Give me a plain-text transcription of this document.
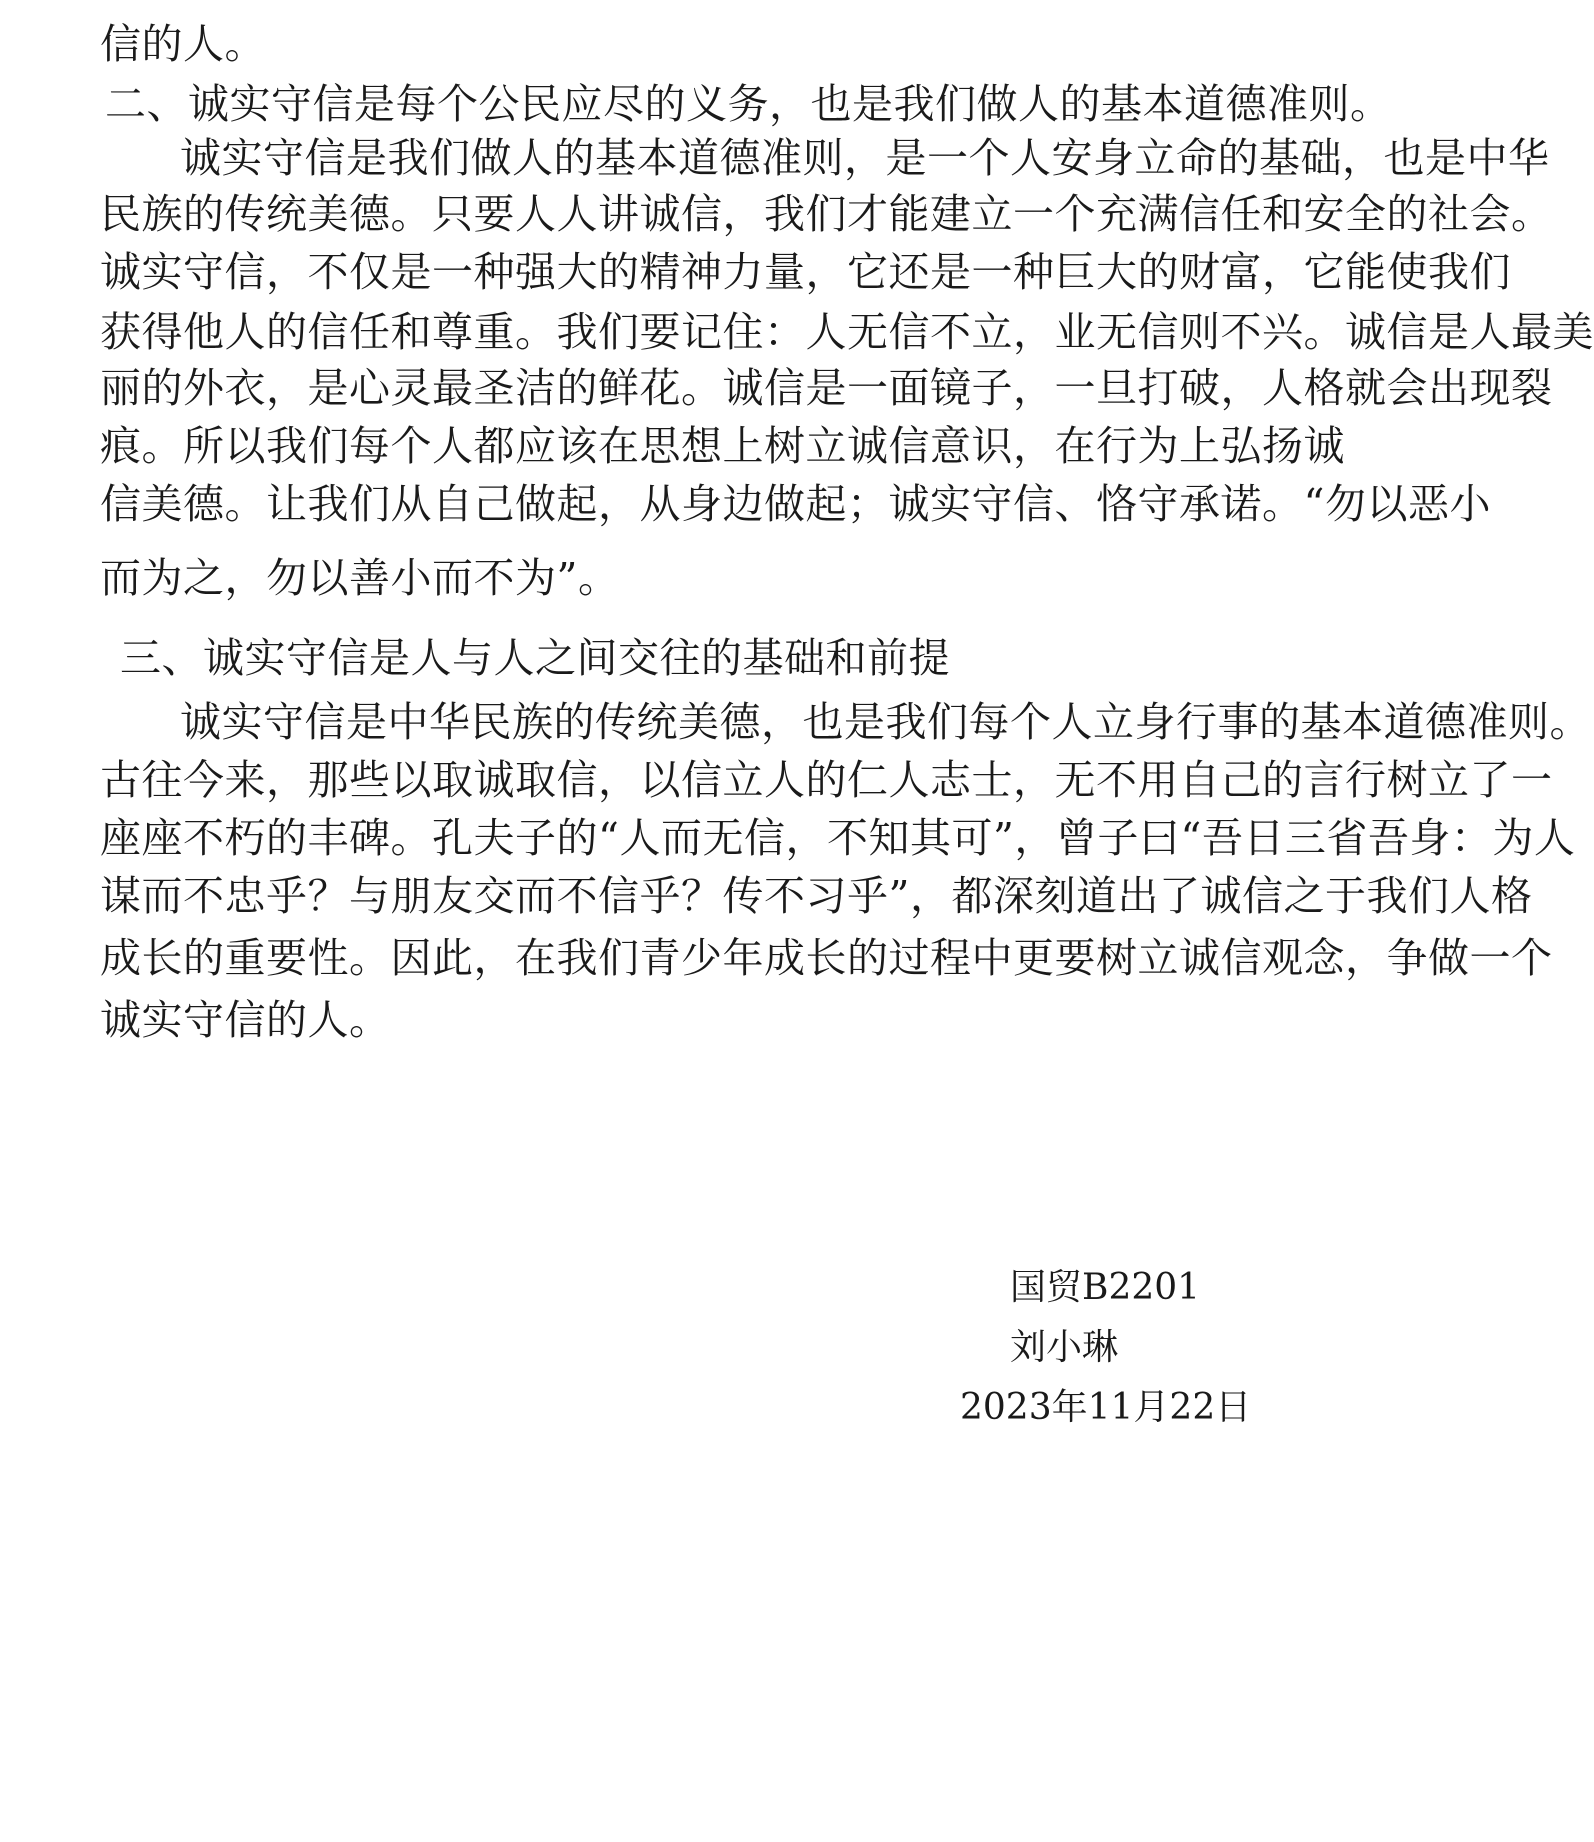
信的人。
二、诚实守信是每个公民应尽的义务，也是我们做人的基本道德准则。
诚实守信是我们做人的基本道德准则，是一个人安身立命的基础，也是中华
民族的传统美德。只要人人讲诚信，我们才能建立一个充满信任和安全的社会。
诚实守信，不仅是一种强大的精神力量，它还是一种巨大的财富，它能使我们
获得他人的信任和尊重。我们要记住：人无信不立，业无信则不兴。诚信是人最美
丽的外衣，是心灵最圣洁的鲜花。诚信是一面镜子，一旦打破，人格就会出现裂
痕。所以我们每个人都应该在思想上树立诚信意识，在行为上弘扬诚
信美德。让我们从自己做起，从身边做起；诚实守信、恪守承诺。“勿以恶小
而为之，勿以善小而不为”。
三、诚实守信是人与人之间交往的基础和前提
诚实守信是中华民族的传统美德，也是我们每个人立身行事的基本道德准则。
古往今来，那些以取诚取信，以信立人的仁人志士，无不用自己的言行树立了一
座座不朽的丰碑。孔夫子的“人而无信，不知其可”，曾子曰“吾日三省吾身：为人
谋而不忠乎？与朋友交而不信乎？传不习乎”，都深刻道出了诚信之于我们人格
成长的重要性。因此，在我们青少年成长的过程中更要树立诚信观念，争做一个
诚实守信的人。
国贸B2201
刘小琳
2023年11月22日
